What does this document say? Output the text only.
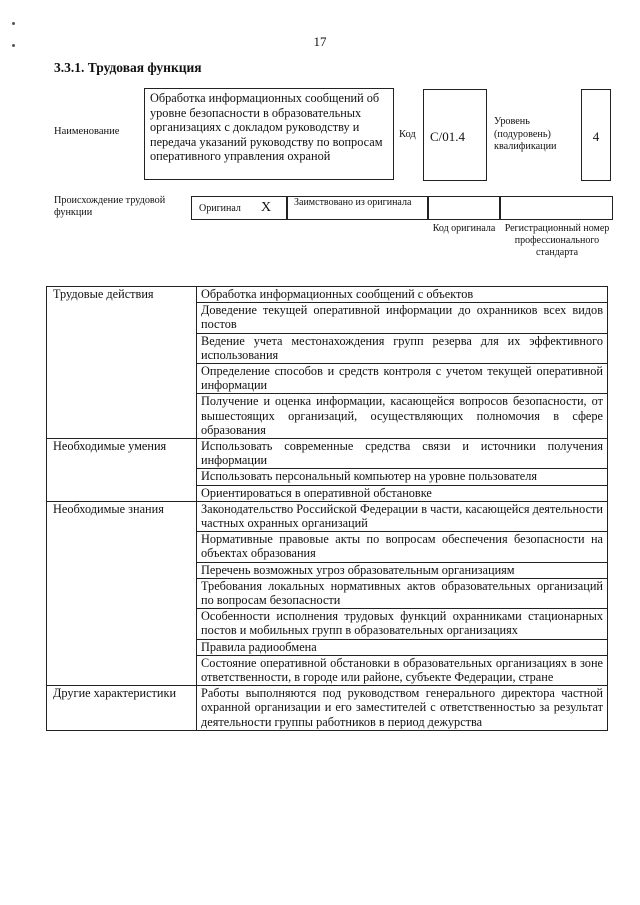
17
3.3.1. Трудовая функция
Наименование
Обработка информационных сообщений об уровне безопасности в образовательных организациях с докладом руководству и передача указаний руководству по вопросам оперативного управления охраной
Код	С/01.4
Уровень (подуровень) квалификации
4
Происхождение трудовой функции	Оригинал Х Заимствовано из оригинала
Код оригинала Регистрационный номер профессионального стандарта
Трудовые действия	Обработка информационных сообщений с объектов
	Доведение текущей оперативной информации до охранников всех видов постов
	Ведение учета местонахождения групп резерва для их эффективного использования
	Определение способов и средств контроля с учетом текущей оперативной информации
	Получение и оценка информации, касающейся вопросов безопасности, от вышестоящих организаций, осуществляющих полномочия в сфере образования
Необходимые умения	Использовать современные средства связи и источники получения информации
	Использовать персональный компьютер на уровне пользователя
	Ориентироваться в оперативной обстановке
Необходимые знания	Законодательство Российской Федерации в части, касающейся деятельности частных охранных организаций
	Нормативные правовые акты по вопросам обеспечения безопасности на объектах образования
	Перечень возможных угроз образовательным организациям
	Требования локальных нормативных актов образовательных организаций по вопросам безопасности
	Особенности исполнения трудовых функций охранниками стационарных постов и мобильных групп в образовательных организациях
	Правила радиообмена
	Состояние оперативной обстановки в образовательных организациях в зоне ответственности, в городе или районе, субъекте Федерации, стране
Другие характеристики	Работы выполняются под руководством генерального директора частной охранной организации и его заместителей с ответственностью за результат деятельности группы работников в период дежурства
